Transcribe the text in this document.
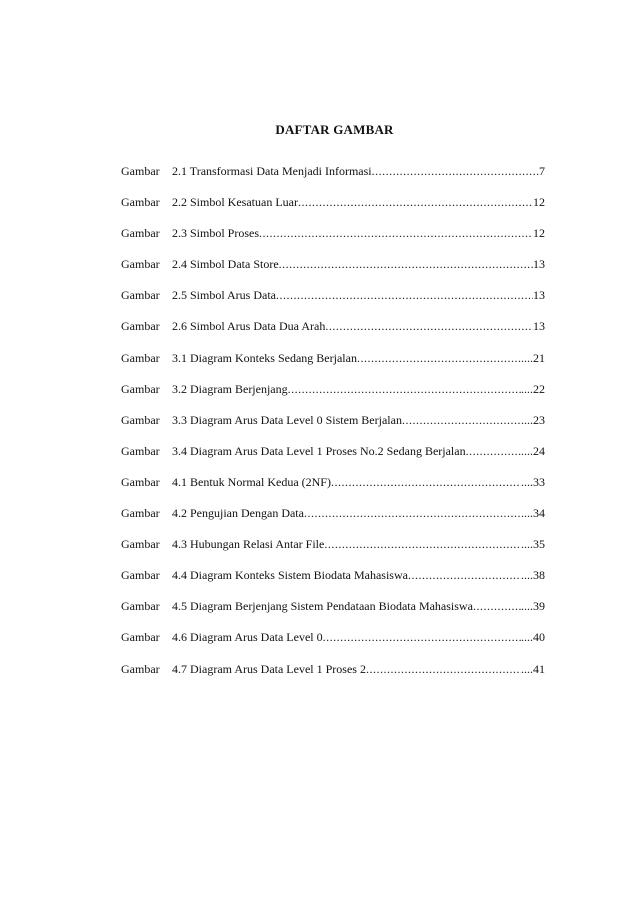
DAFTAR GAMBAR
Gambar	2.1 Transformasi Data Menjadi Informasi .....	7
Gambar	2.2 Simbol Kesatuan Luar .....	12
Gambar	2.3 Simbol Proses .....	12
Gambar	2.4 Simbol Data Store .....	13
Gambar	2.5 Simbol Arus Data .....	13
Gambar	2.6 Simbol Arus Data Dua Arah .....	13
Gambar	3.1 Diagram Konteks Sedang Berjalan .....	....21
Gambar	3.2 Diagram Berjenjang .....	....22
Gambar	3.3 Diagram Arus Data Level 0 Sistem Berjalan .....	....23
Gambar	3.4 Diagram Arus Data Level 1 Proses No.2 Sedang Berjalan .....	....24
Gambar	4.1 Bentuk Normal Kedua (2NF) .....	....33
Gambar	4.2 Pengujian Dengan Data .....	....34
Gambar	4.3 Hubungan Relasi Antar File .....	....35
Gambar	4.4 Diagram Konteks Sistem Biodata Mahasiswa .....	....38
Gambar	4.5 Diagram Berjenjang Sistem Pendataan Biodata Mahasiswa .....	....39
Gambar	4.6 Diagram Arus Data Level 0 .....	....40
Gambar	4.7 Diagram Arus Data Level 1 Proses 2 .....	....41
